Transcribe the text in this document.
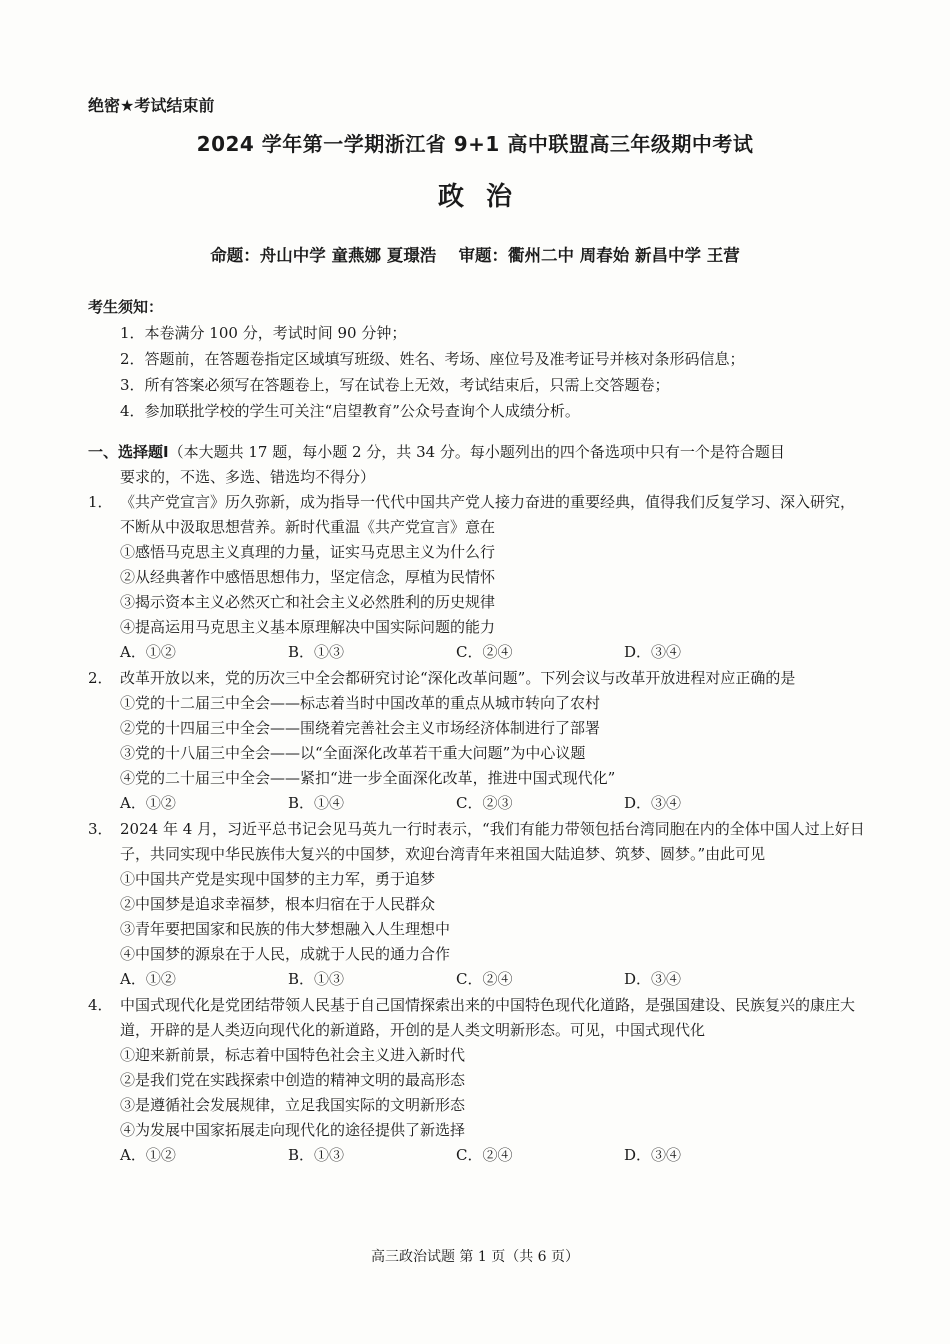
绝密★考试结束前
2024 学年第一学期浙江省 9+1 高中联盟高三年级期中考试
政治
命题：舟山中学 童燕娜 夏璟浩　 审题：衢州二中 周春始 新昌中学 王营
考生须知：
1．本卷满分 100 分，考试时间 90 分钟；
2．答题前，在答题卷指定区域填写班级、姓名、考场、座位号及准考证号并核对条形码信息；
3．所有答案必须写在答题卷上，写在试卷上无效，考试结束后，只需上交答题卷；
4．参加联批学校的学生可关注“启望教育”公众号查询个人成绩分析。
一、选择题Ⅰ（本大题共 17 题，每小题 2 分，共 34 分。每小题列出的四个备选项中只有一个是符合题目
要求的，不选、多选、错选均不得分）
1． 《共产党宣言》历久弥新，成为指导一代代中国共产党人接力奋进的重要经典，值得我们反复学习、深入研究，不断从中汲取思想营养。新时代重温《共产党宣言》意在
①感悟马克思主义真理的力量，证实马克思主义为什么行
②从经典著作中感悟思想伟力，坚定信念，厚植为民情怀
③揭示资本主义必然灭亡和社会主义必然胜利的历史规律
④提高运用马克思主义基本原理解决中国实际问题的能力
A．①②	B．①③	C．②④	D．③④
2． 改革开放以来，党的历次三中全会都研究讨论“深化改革问题”。下列会议与改革开放进程对应正确的是
①党的十二届三中全会——标志着当时中国改革的重点从城市转向了农村
②党的十四届三中全会——围绕着完善社会主义市场经济体制进行了部署
③党的十八届三中全会——以“全面深化改革若干重大问题”为中心议题
④党的二十届三中全会——紧扣“进一步全面深化改革，推进中国式现代化”
A．①②	B．①④	C．②③	D．③④
3． 2024 年 4 月，习近平总书记会见马英九一行时表示，“我们有能力带领包括台湾同胞在内的全体中国人过上好日子，共同实现中华民族伟大复兴的中国梦，欢迎台湾青年来祖国大陆追梦、筑梦、圆梦。”由此可见
①中国共产党是实现中国梦的主力军，勇于追梦
②中国梦是追求幸福梦，根本归宿在于人民群众
③青年要把国家和民族的伟大梦想融入人生理想中
④中国梦的源泉在于人民，成就于人民的通力合作
A．①②	B．①③	C．②④	D．③④
4． 中国式现代化是党团结带领人民基于自己国情探索出来的中国特色现代化道路，是强国建设、民族复兴的康庄大道，开辟的是人类迈向现代化的新道路，开创的是人类文明新形态。可见，中国式现代化
①迎来新前景，标志着中国特色社会主义进入新时代
②是我们党在实践探索中创造的精神文明的最高形态
③是遵循社会发展规律，立足我国实际的文明新形态
④为发展中国家拓展走向现代化的途径提供了新选择
A．①②	B．①③	C．②④	D．③④
高三政治试题 第 1 页（共 6 页）
